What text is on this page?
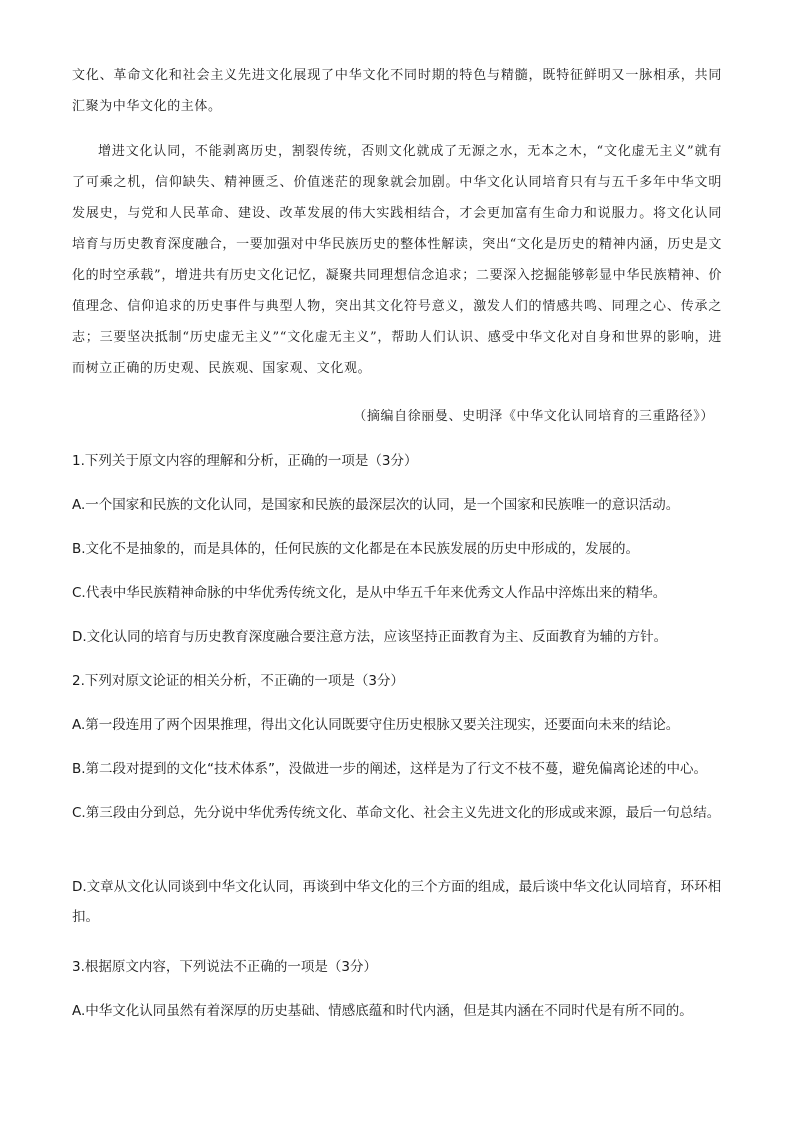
文化、革命文化和社会主义先进文化展现了中华文化不同时期的特色与精髓，既特征鲜明又一脉相承，共同汇聚为中华文化的主体。

增进文化认同，不能剥离历史，割裂传统，否则文化就成了无源之水，无本之木，“文化虚无主义”就有了可乘之机，信仰缺失、精神匮乏、价值迷茫的现象就会加剧。中华文化认同培育只有与五千多年中华文明发展史，与党和人民革命、建设、改革发展的伟大实践相结合，才会更加富有生命力和说服力。将文化认同培育与历史教育深度融合，一要加强对中华民族历史的整体性解读，突出“文化是历史的精神内涵，历史是文化的时空承载”，增进共有历史文化记忆，凝聚共同理想信念追求；二要深入挖掘能够彰显中华民族精神、价值理念、信仰追求的历史事件与典型人物，突出其文化符号意义，激发人们的情感共鸣、同理之心、传承之志；三要坚决抵制“历史虚无主义”“文化虚无主义”，帮助人们认识、感受中华文化对自身和世界的影响，进而树立正确的历史观、民族观、国家观、文化观。

（摘编自徐丽曼、史明泽《中华文化认同培育的三重路径》）
1.下列关于原文内容的理解和分析，正确的一项是（3分）
A.一个国家和民族的文化认同，是国家和民族的最深层次的认同，是一个国家和民族唯一的意识活动。
B.文化不是抽象的，而是具体的，任何民族的文化都是在本民族发展的历史中形成的，发展的。
C.代表中华民族精神命脉的中华优秀传统文化，是从中华五千年来优秀文人作品中淬炼出来的精华。
D.文化认同的培育与历史教育深度融合要注意方法，应该坚持正面教育为主、反面教育为辅的方针。
2.下列对原文论证的相关分析，不正确的一项是（3分）
A.第一段连用了两个因果推理，得出文化认同既要守住历史根脉又要关注现实，还要面向未来的结论。
B.第二段对提到的文化“技术体系”，没做进一步的阐述，这样是为了行文不枝不蔓，避免偏离论述的中心。
C.第三段由分到总，先分说中华优秀传统文化、革命文化、社会主义先进文化的形成或来源，最后一句总结。
D.文章从文化认同谈到中华文化认同，再谈到中华文化的三个方面的组成，最后谈中华文化认同培育，环环相扣。
3.根据原文内容，下列说法不正确的一项是（3分）
A.中华文化认同虽然有着深厚的历史基础、情感底蕴和时代内涵，但是其内涵在不同时代是有所不同的。
